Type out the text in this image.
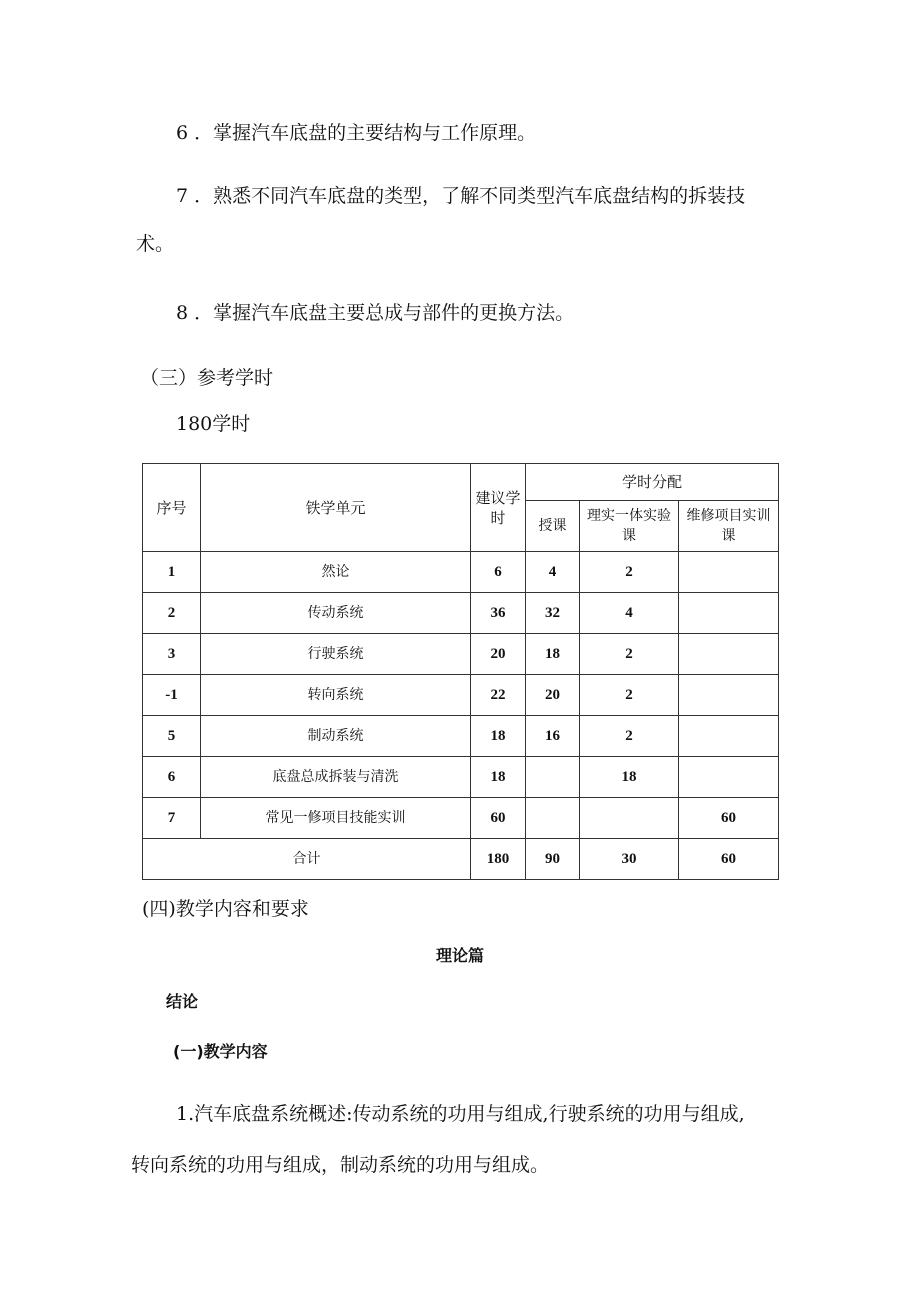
6 ．掌握汽车底盘的主要结构与工作原理。
7 ．熟悉不同汽车底盘的类型，了解不同类型汽车底盘结构的拆装技
术。
8 ．掌握汽车底盘主要总成与部件的更换方法。
（三）参考学时
180学时
序号	铁学单元	建议学时	学时分配		
			授课	理实一体实验课	维修项目实训课
1	然论	6	4	2	
2	传动系统	36	32	4	
3	行驶系统	20	18	2	
-1	转向系统	22	20	2	
5	制动系统	18	16	2	
6	底盘总成拆装与清洗	18		18	
7	常见一修项目技能实训	60			60
合计		180	90	30	60
(四)教学内容和要求
理论篇
结论
(一)教学内容
1.汽车底盘系统概述:传动系统的功用与组成,行驶系统的功用与组成,
转向系统的功用与组成，制动系统的功用与组成。
